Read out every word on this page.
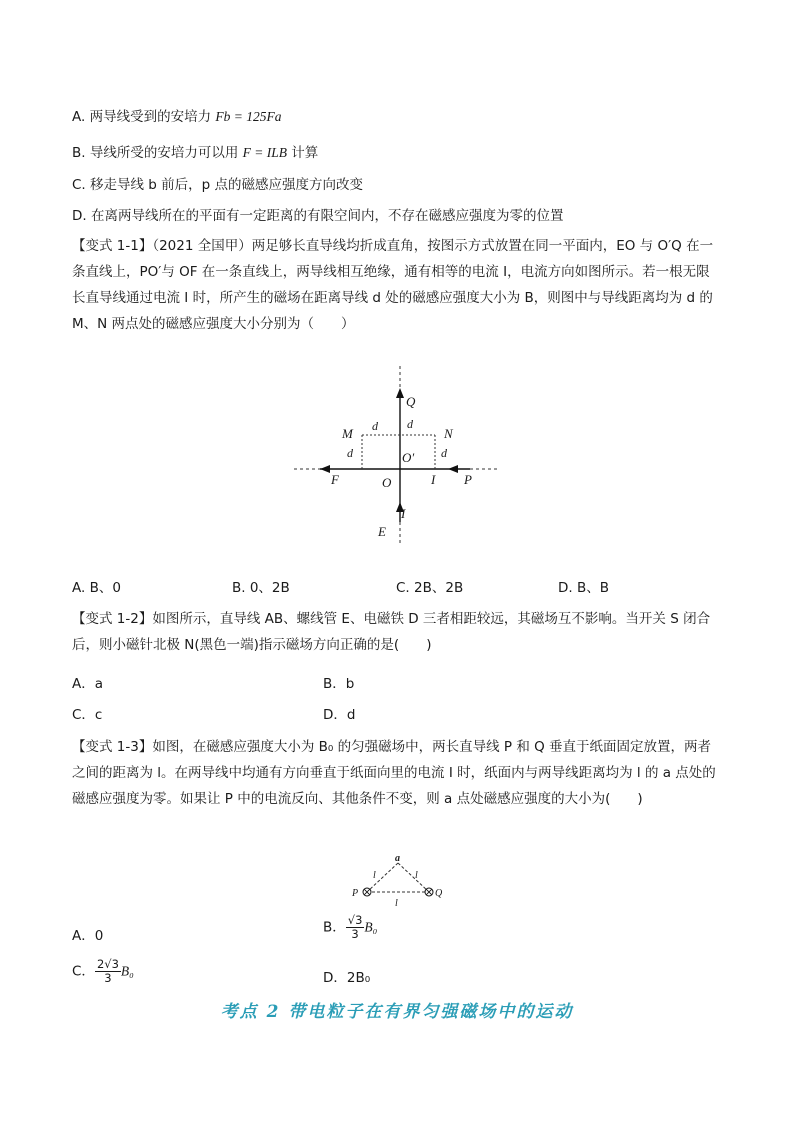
A. 两导线受到的安培力 Fb = 125Fa
B. 导线所受的安培力可以用 F = ILB 计算
C. 移走导线 b 前后，p 点的磁感应强度方向改变
D. 在离两导线所在的平面有一定距离的有限空间内，不存在磁感应强度为零的位置
【变式 1-1】（2021 全国甲）两足够长直导线均折成直角，按图示方式放置在同一平面内，EO 与 O′Q 在一条直线上，PO′与 OF 在一条直线上，两导线相互绝缘，通有相等的电流 I，电流方向如图所示。若一根无限长直导线通过电流 I 时，所产生的磁场在距离导线 d 处的磁感应强度大小为 B，则图中与导线距离均为 d 的 M、N 两点处的磁感应强度大小分别为（　　）
Q
M	N
d d
d	d
O′
O	I
F	P
I
E
A. B、0	B. 0、2B	C. 2B、2B	D. B、B
【变式 1-2】如图所示，直导线 AB、螺线管 E、电磁铁 D 三者相距较远，其磁场互不影响。当开关 S 闭合后，则小磁针北极 N(黑色一端)指示磁场方向正确的是(　　)
A．a	B．b
C．c	D．d
【变式 1-3】如图，在磁感应强度大小为 B₀ 的匀强磁场中，两长直导线 P 和 Q 垂直于纸面固定放置，两者之间的距离为 l。在两导线中均通有方向垂直于纸面向里的电流 I 时，纸面内与两导线距离均为 l 的 a 点处的磁感应强度为零。如果让 P 中的电流反向、其他条件不变，则 a 点处磁感应强度的大小为(　　)
a
l	l
l
P	Q
A．0
B． $\frac{√3}{3} B_0$
C． $\frac{2√3}{3} B_0$	D．2B₀
考点 2 带电粒子在有界匀强磁场中的运动
